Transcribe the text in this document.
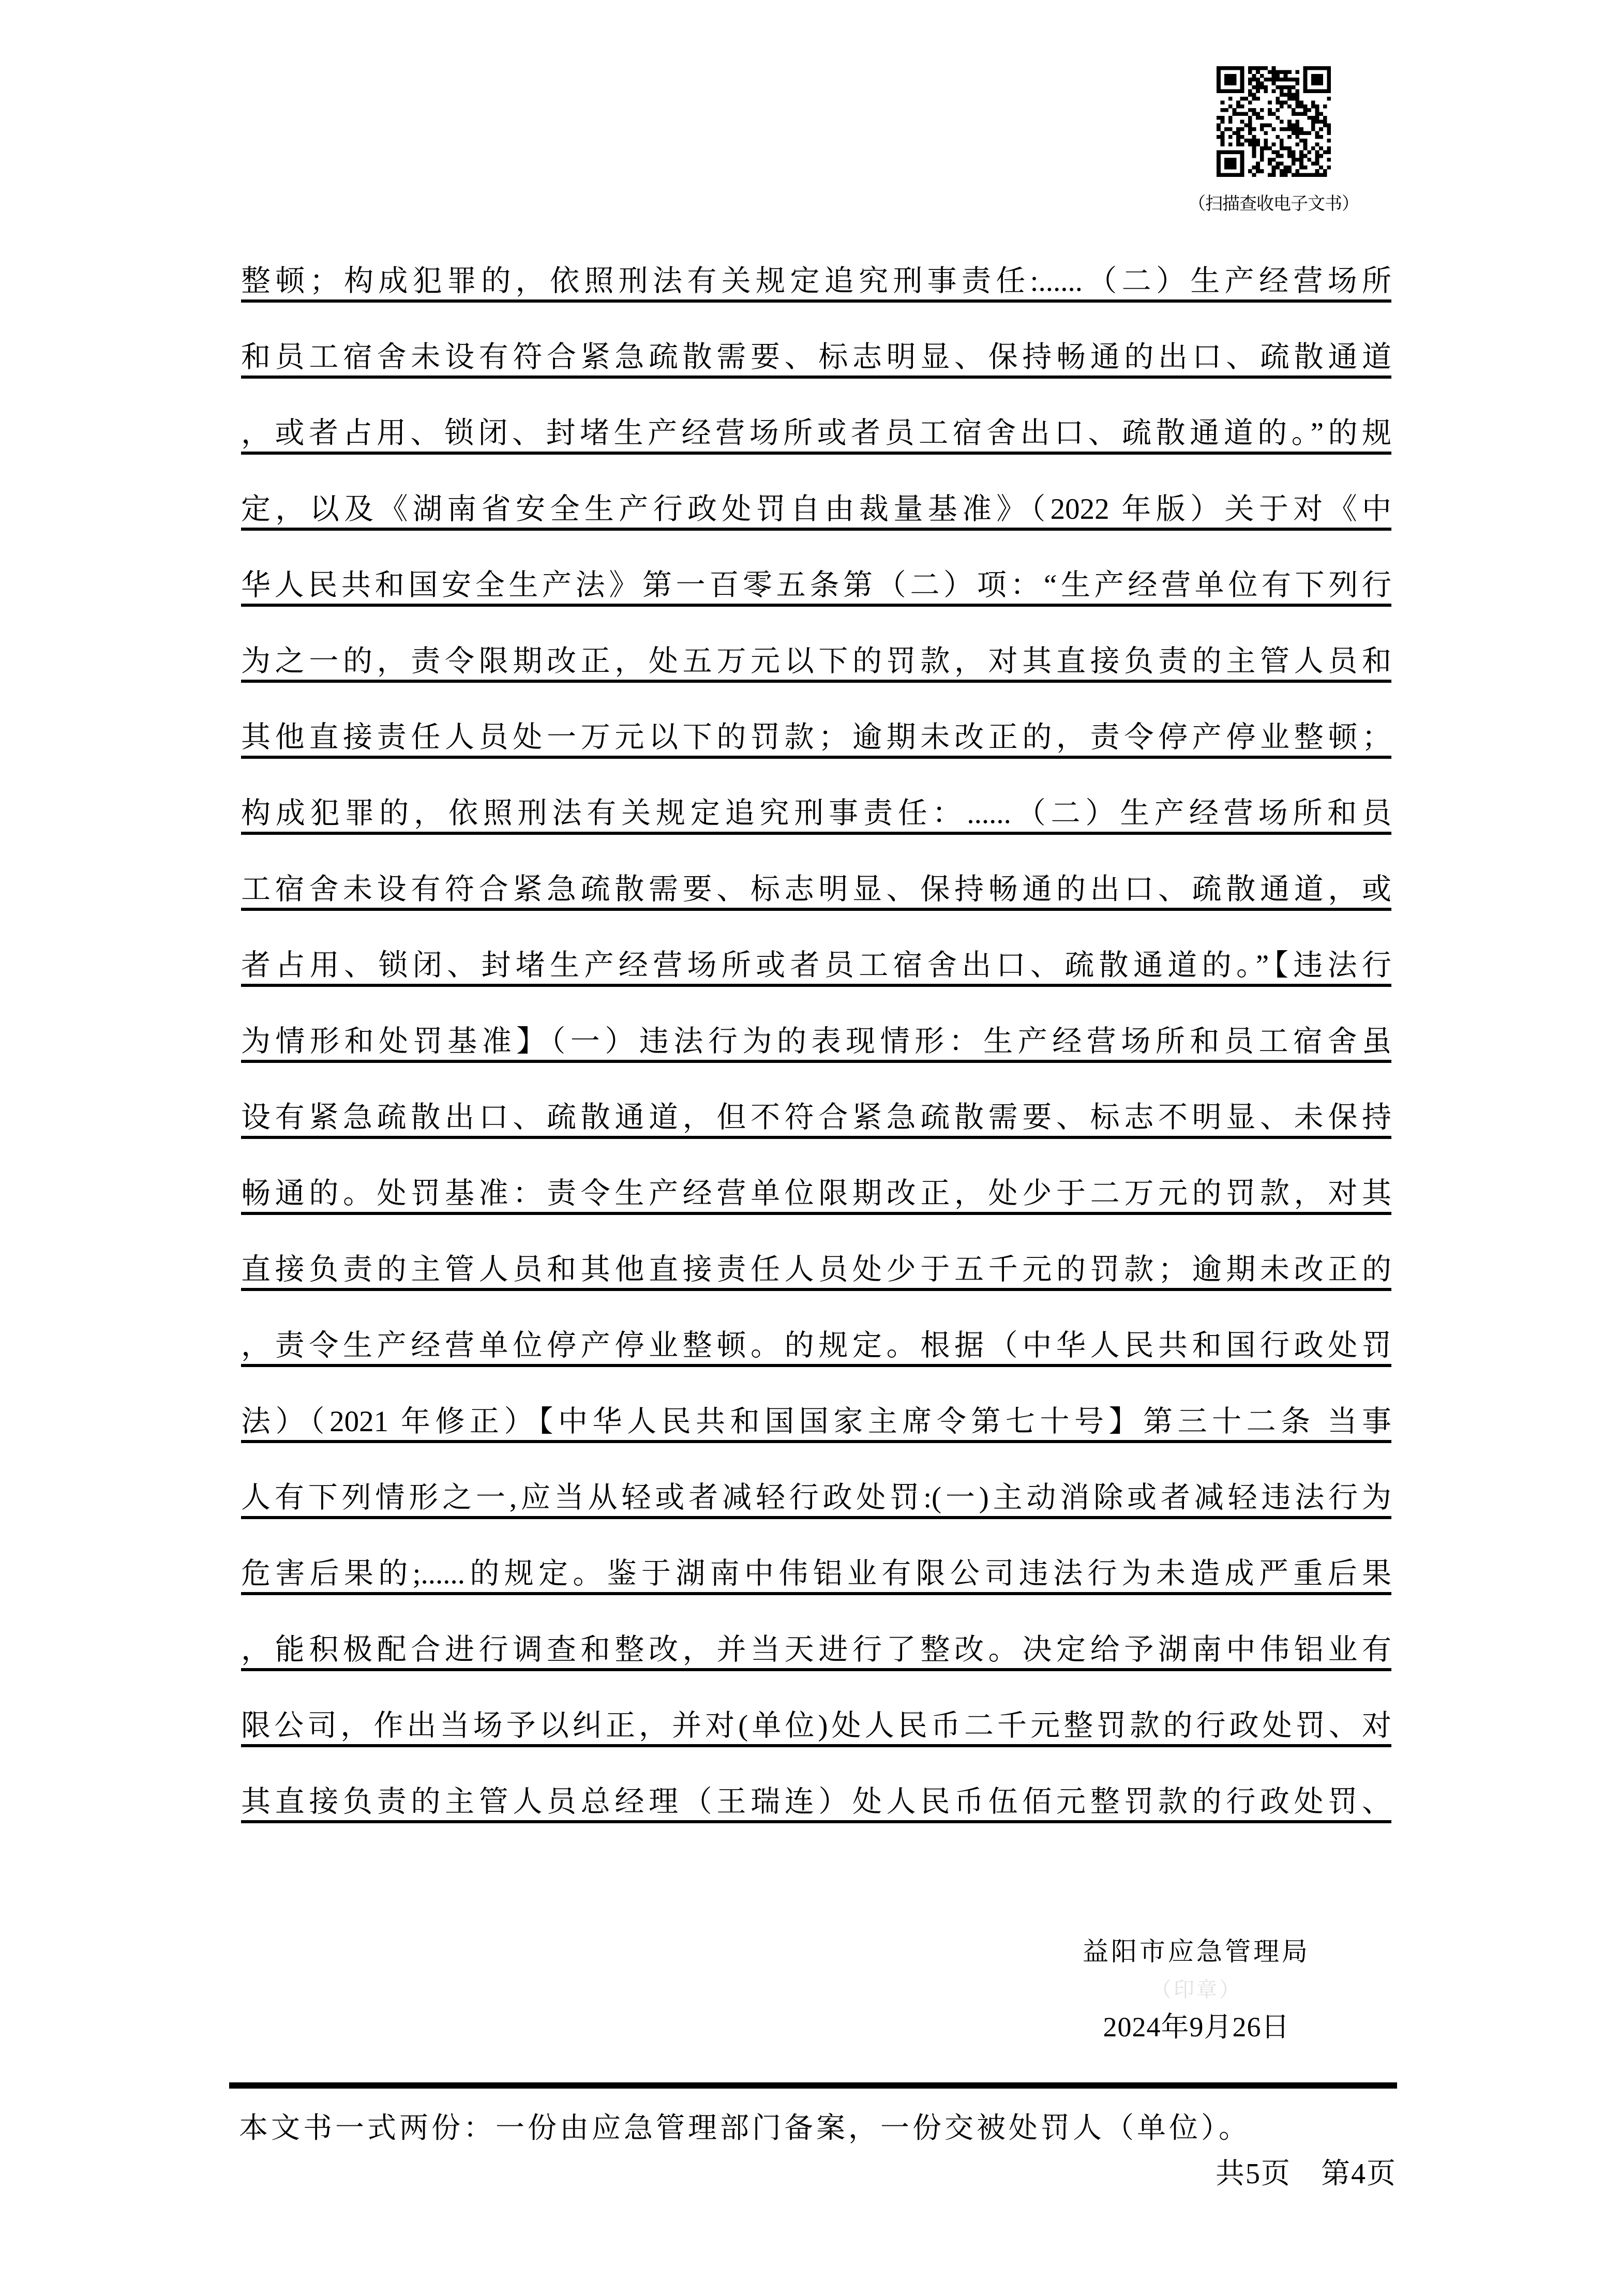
（扫描查收电子文书）
整顿；构成犯罪的，依照刑法有关规定追究刑事责任:......（二）生产经营场所
和员工宿舍未设有符合紧急疏散需要、标志明显、保持畅通的出口、疏散通道
，或者占用、锁闭、封堵生产经营场所或者员工宿舍出口、疏散通道的。”的规
定，以及《湖南省安全生产行政处罚自由裁量基准》（2022 年版）关于对《中
华人民共和国安全生产法》第一百零五条第（二）项：“生产经营单位有下列行
为之一的，责令限期改正，处五万元以下的罚款，对其直接负责的主管人员和
其他直接责任人员处一万元以下的罚款；逾期未改正的，责令停产停业整顿；
构成犯罪的，依照刑法有关规定追究刑事责任：......（二）生产经营场所和员
工宿舍未设有符合紧急疏散需要、标志明显、保持畅通的出口、疏散通道，或
者占用、锁闭、封堵生产经营场所或者员工宿舍出口、疏散通道的。”【违法行
为情形和处罚基准】（一）违法行为的表现情形：生产经营场所和员工宿舍虽
设有紧急疏散出口、疏散通道，但不符合紧急疏散需要、标志不明显、未保持
畅通的。处罚基准：责令生产经营单位限期改正，处少于二万元的罚款，对其
直接负责的主管人员和其他直接责任人员处少于五千元的罚款；逾期未改正的
，责令生产经营单位停产停业整顿。的规定。根据（中华人民共和国行政处罚
法）（2021 年修正）【中华人民共和国国家主席令第七十号】第三十二条 当事
人有下列情形之一,应当从轻或者减轻行政处罚:(一)主动消除或者减轻违法行为
危害后果的;......的规定。鉴于湖南中伟铝业有限公司违法行为未造成严重后果
，能积极配合进行调查和整改，并当天进行了整改。决定给予湖南中伟铝业有
限公司，作出当场予以纠正，并对(单位)处人民币二千元整罚款的行政处罚、对
其直接负责的主管人员总经理（王瑞连）处人民币伍佰元整罚款的行政处罚、
益阳市应急管理局
（印章）
2024年9月26日
本文书一式两份：一份由应急管理部门备案，一份交被处罚人（单位）。
共5页　第4页
